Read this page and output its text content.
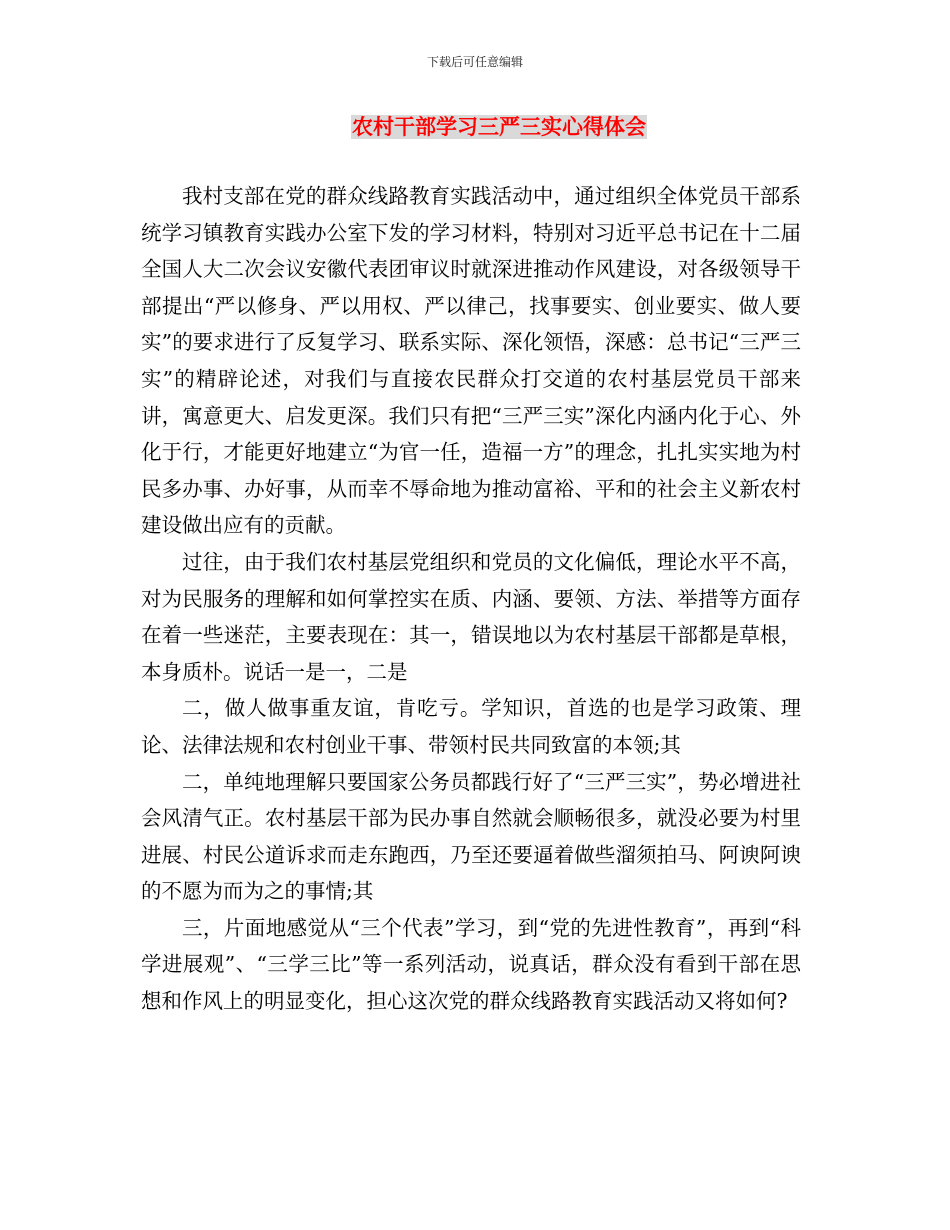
下载后可任意编辑
农村干部学习三严三实心得体会

我村支部在党的群众线路教育实践活动中，通过组织全体党员干部系统学习镇教育实践办公室下发的学习材料，特别对习近平总书记在十二届全国人大二次会议安徽代表团审议时就深进推动作风建设，对各级领导干部提出“严以修身、严以用权、严以律己，找事要实、创业要实、做人要实”的要求进行了反复学习、联系实际、深化领悟，深感：总书记“三严三实”的精辟论述，对我们与直接农民群众打交道的农村基层党员干部来讲，寓意更大、启发更深。我们只有把“三严三实”深化内涵内化于心、外化于行，才能更好地建立“为官一任，造福一方”的理念，扎扎实实地为村民多办事、办好事，从而幸不辱命地为推动富裕、平和的社会主义新农村建设做出应有的贡献。

过往，由于我们农村基层党组织和党员的文化偏低，理论水平不高，对为民服务的理解和如何掌控实在质、内涵、要领、方法、举措等方面存在着一些迷茫，主要表现在：其一，错误地以为农村基层干部都是草根，本身质朴。说话一是一，二是

二，做人做事重友谊，肯吃亏。学知识，首选的也是学习政策、理论、法律法规和农村创业干事、带领村民共同致富的本领;其

二，单纯地理解只要国家公务员都践行好了“三严三实”，势必增进社会风清气正。农村基层干部为民办事自然就会顺畅很多，就没必要为村里进展、村民公道诉求而走东跑西，乃至还要逼着做些溜须拍马、阿谀阿谀的不愿为而为之的事情;其

三，片面地感觉从“三个代表”学习，到“党的先进性教育”，再到“科学进展观”、“三学三比”等一系列活动，说真话，群众没有看到干部在思想和作风上的明显变化，担心这次党的群众线路教育实践活动又将如何?
